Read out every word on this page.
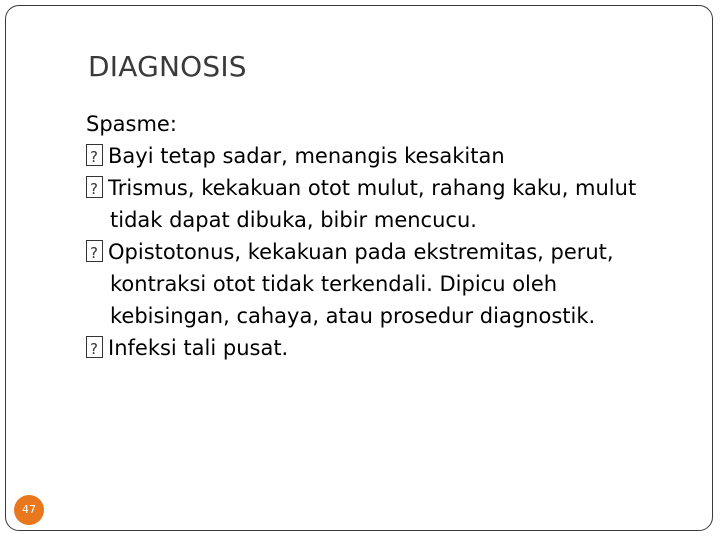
DIAGNOSIS
Spasme:
?Bayi tetap sadar, menangis kesakitan
?Trismus, kekakuan otot mulut, rahang kaku, mulut tidak dapat dibuka, bibir mencucu.
?Opistotonus, kekakuan pada ekstremitas, perut, kontraksi otot tidak terkendali. Dipicu oleh kebisingan, cahaya, atau prosedur diagnostik.
?Infeksi tali pusat.
47
